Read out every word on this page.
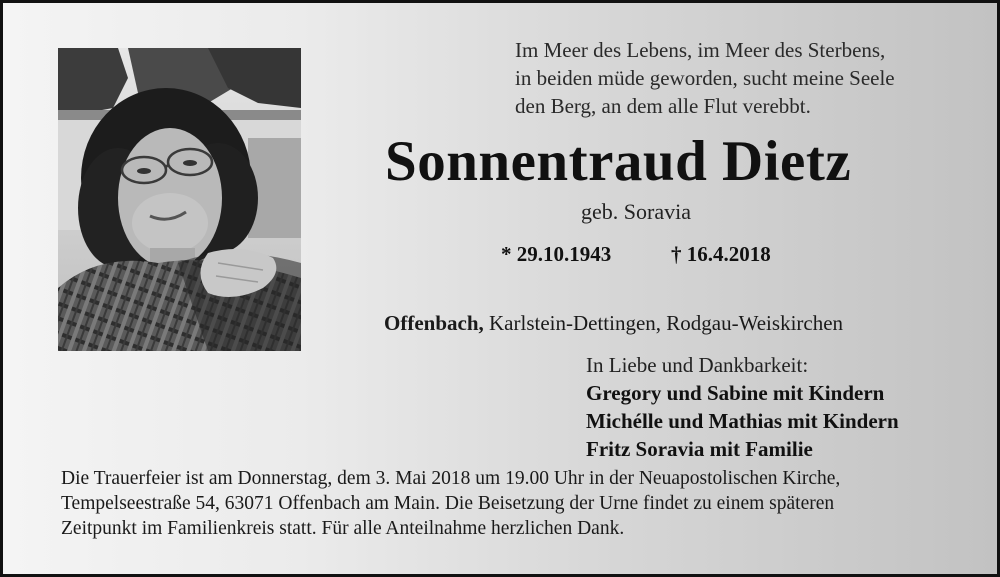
Im Meer des Lebens, im Meer des Sterbens,
in beiden müde geworden, sucht meine Seele
den Berg, an dem alle Flut verebbt.
Sonnentraud Dietz
geb. Soravia
* 29.10.1943	† 16.4.2018
Offenbach, Karlstein-Dettingen, Rodgau-Weiskirchen
In Liebe und Dankbarkeit:
Gregory und Sabine mit Kindern
Michélle und Mathias mit Kindern
Fritz Soravia mit Familie
Die Trauerfeier ist am Donnerstag, dem 3. Mai 2018 um 19.00 Uhr in der Neuapostolischen Kirche,
Tempelseestraße 54, 63071 Offenbach am Main. Die Beisetzung der Urne findet zu einem späteren
Zeitpunkt im Familienkreis statt. Für alle Anteilnahme herzlichen Dank.
